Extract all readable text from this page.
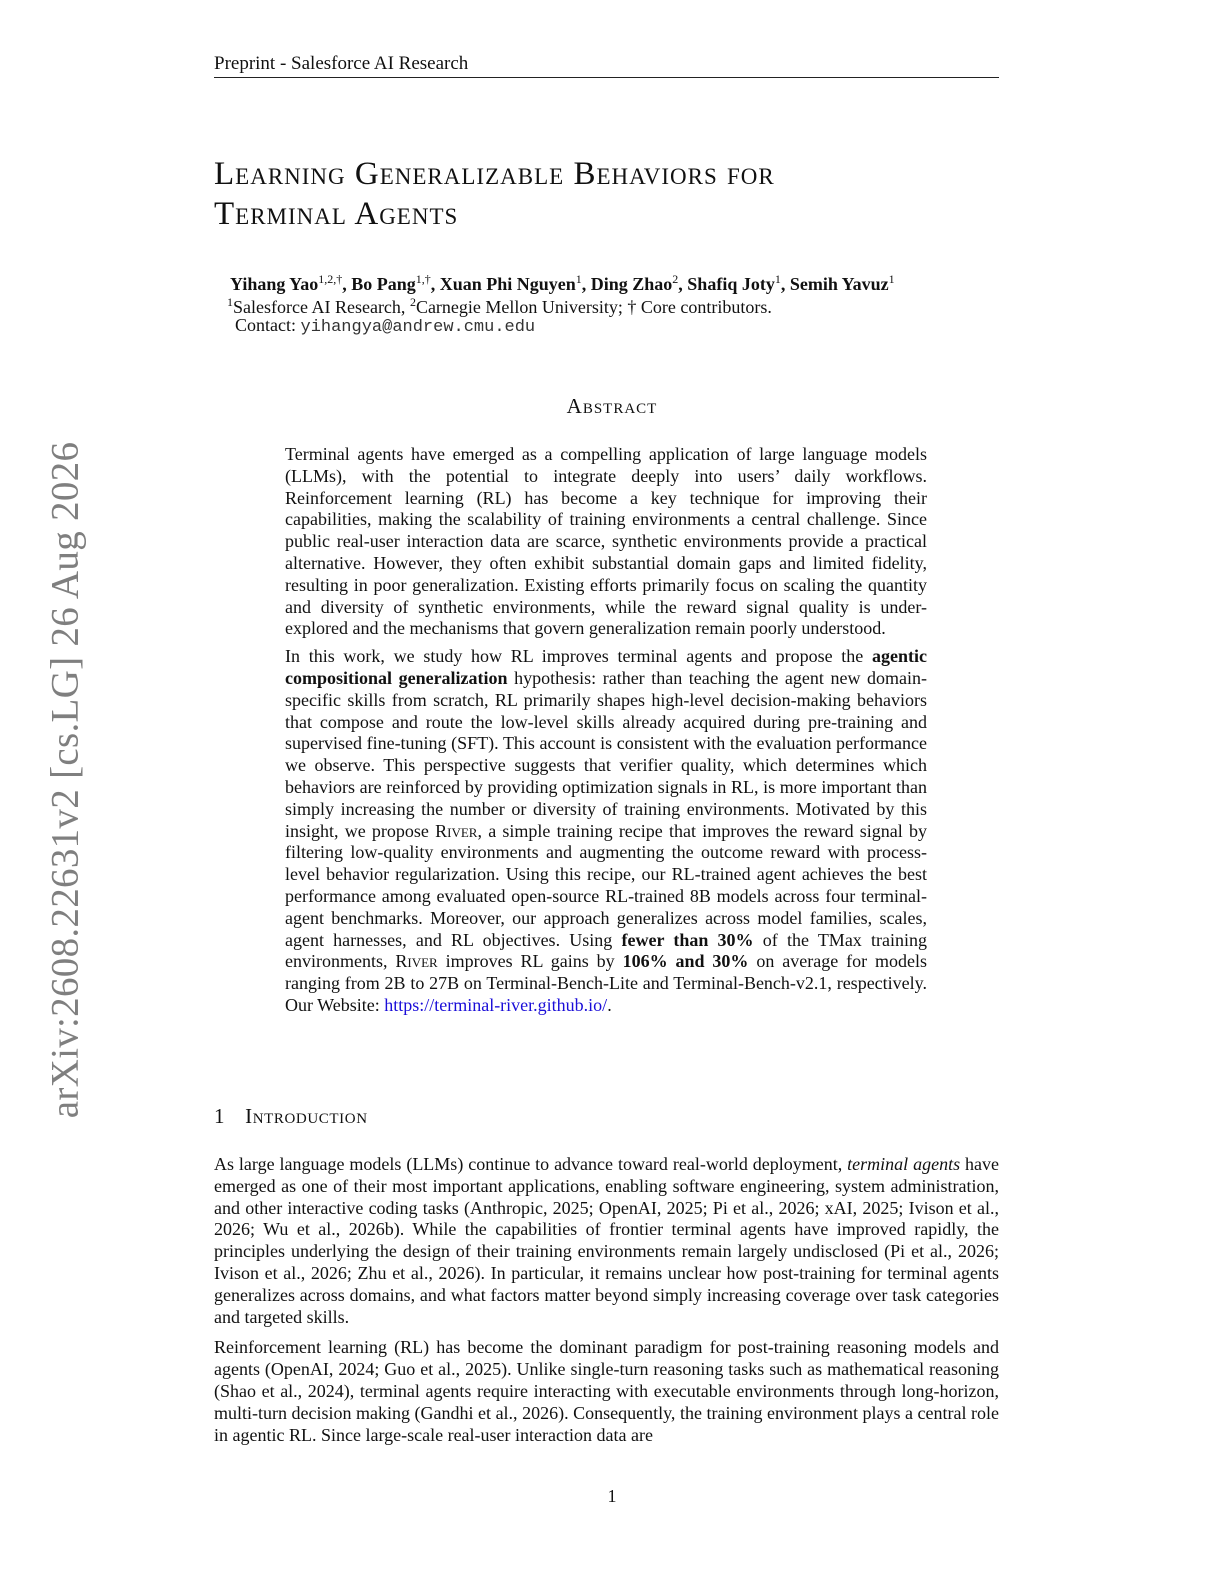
Preprint - Salesforce AI Research
arXiv:2608.22631v2 [cs.LG] 26 Aug 2026
Learning Generalizable Behaviors for
Terminal Agents
Yihang Yao$^{1,2,\dagger}$, Bo Pang$^{1,\dagger}$, Xuan Phi Nguyen$^1$, Ding Zhao$^2$, Shafiq Joty$^1$, Semih Yavuz$^1$
$^1$Salesforce AI Research, $^2$Carnegie Mellon University; † Core contributors.
Contact: yihangya@andrew.cmu.edu
Abstract

Terminal agents have emerged as a compelling application of large language models (LLMs), with the potential to integrate deeply into users’ daily workflows. Reinforcement learning (RL) has become a key technique for improving their capabilities, making the scalability of training environments a central challenge. Since public real-user interaction data are scarce, synthetic environments provide a practical alternative. However, they often exhibit substantial domain gaps and limited fidelity, resulting in poor generalization. Existing efforts primarily focus on scaling the quantity and diversity of synthetic environments, while the reward signal quality is under-explored and the mechanisms that govern generalization remain poorly understood.

In this work, we study how RL improves terminal agents and propose the agentic compositional generalization hypothesis: rather than teaching the agent new domain-specific skills from scratch, RL primarily shapes high-level decision-making behaviors that compose and route the low-level skills already acquired during pre-training and supervised fine-tuning (SFT). This account is consistent with the evaluation performance we observe. This perspective suggests that verifier quality, which determines which behaviors are reinforced by providing optimization signals in RL, is more important than simply increasing the number or diversity of training environments. Motivated by this insight, we propose River, a simple training recipe that improves the reward signal by filtering low-quality environments and augmenting the outcome reward with process-level behavior regularization. Using this recipe, our RL-trained agent achieves the best performance among evaluated open-source RL-trained 8B models across four terminal-agent benchmarks. Moreover, our approach generalizes across model families, scales, agent harnesses, and RL objectives. Using fewer than 30% of the TMax training environments, River improves RL gains by 106% and 30% on average for models ranging from 2B to 27B on Terminal-Bench-Lite and Terminal-Bench-v2.1, respectively. Our Website: https://terminal-river.github.io/.

1 Introduction

As large language models (LLMs) continue to advance toward real-world deployment, terminal agents have emerged as one of their most important applications, enabling software engineering, system administration, and other interactive coding tasks (Anthropic, 2025; OpenAI, 2025; Pi et al., 2026; xAI, 2025; Ivison et al., 2026; Wu et al., 2026b). While the capabilities of frontier terminal agents have improved rapidly, the principles underlying the design of their training environments remain largely undisclosed (Pi et al., 2026; Ivison et al., 2026; Zhu et al., 2026). In particular, it remains unclear how post-training for terminal agents generalizes across domains, and what factors matter beyond simply increasing coverage over task categories and targeted skills.

Reinforcement learning (RL) has become the dominant paradigm for post-training reasoning models and agents (OpenAI, 2024; Guo et al., 2025). Unlike single-turn reasoning tasks such as mathematical reasoning (Shao et al., 2024), terminal agents require interacting with executable environments through long-horizon, multi-turn decision making (Gandhi et al., 2026). Consequently, the training environment plays a central role in agentic RL. Since large-scale real-user interaction data are

1
